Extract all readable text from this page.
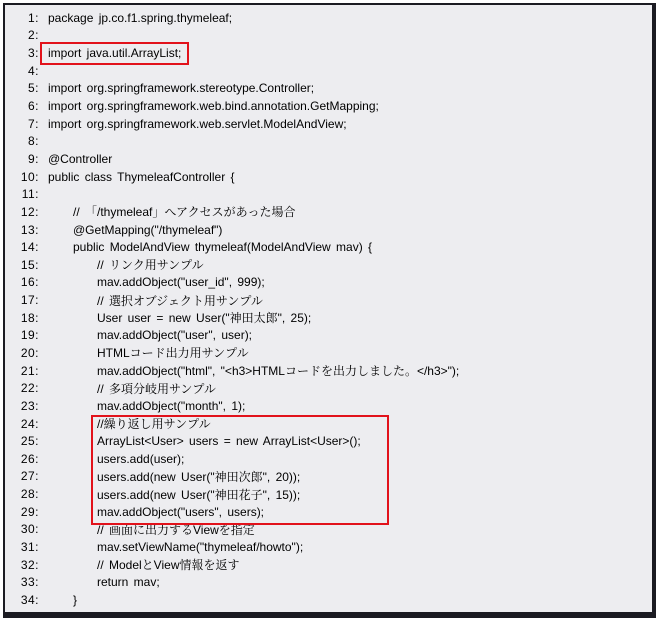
1: package jp.co.f1.spring.thymeleaf;
2:
3: import java.util.ArrayList;
4:
5: import org.springframework.stereotype.Controller;
6: import org.springframework.web.bind.annotation.GetMapping;
7: import org.springframework.web.servlet.ModelAndView;
8:
9: @Controller
10: public class ThymeleafController {
11:
12:	// 「/thymeleaf」へアクセスがあった場合
13:	@GetMapping("/thymeleaf")
14:	public ModelAndView thymeleaf(ModelAndView mav) {
15:	// リンク用サンプル
16:	mav.addObject("user_id", 999);
17:	// 選択オブジェクト用サンプル
18:	User user = new User("神田太郎", 25);
19:	mav.addObject("user", user);
20:	HTMLコード出力用サンプル
21:	mav.addObject("html", "<h3>HTMLコードを出力しました。</h3>");
22:	// 多項分岐用サンプル
23:	mav.addObject("month", 1);
24:	//繰り返し用サンプル
25:	ArrayList<User> users = new ArrayList<User>();
26:	users.add(user);
27:	users.add(new User("神田次郎", 20));
28:	users.add(new User("神田花子", 15));
29:	mav.addObject("users", users);
30:	// 画面に出力するViewを指定
31:	mav.setViewName("thymeleaf/howto");
32:	// ModelとView情報を返す
33:	return mav;
34:	}
